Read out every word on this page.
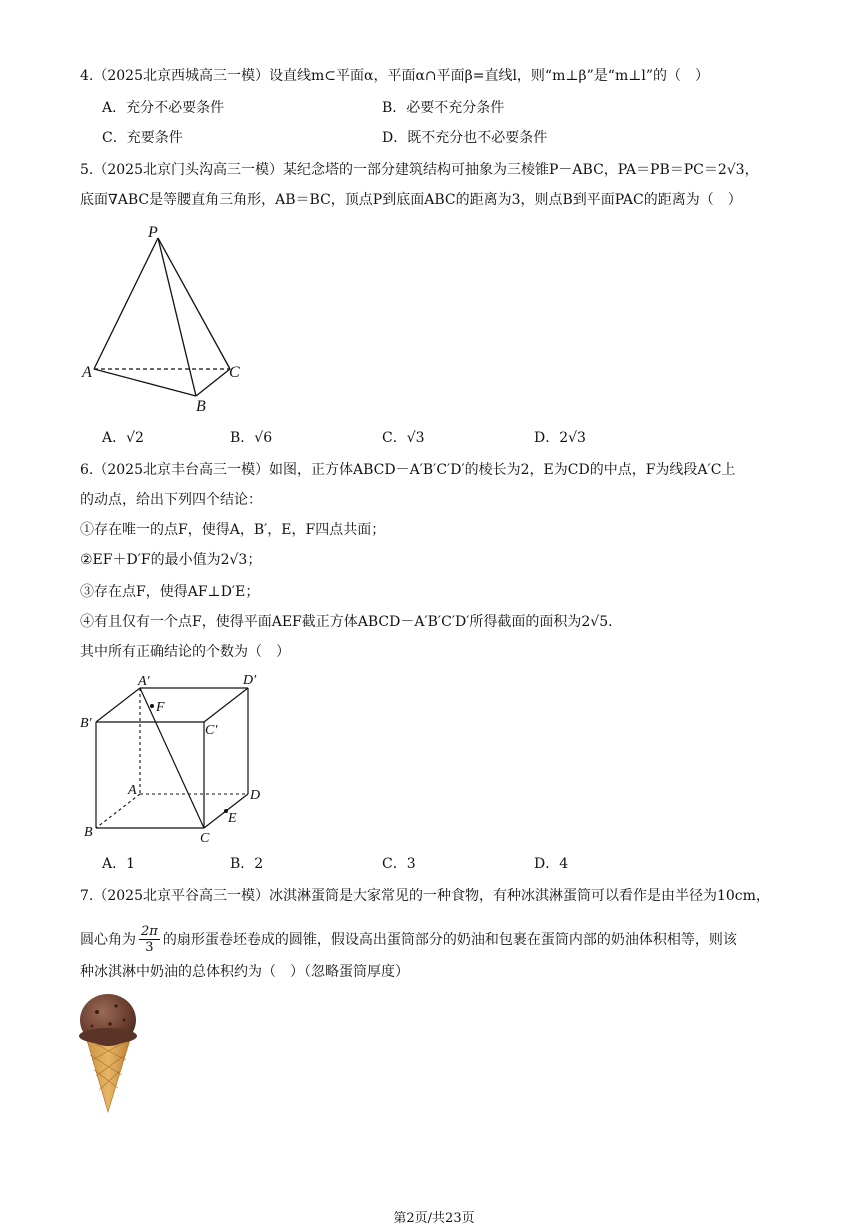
4.（2025北京西城高三一模）设直线m⊂平面α，平面α∩平面β=直线l，则“m⊥β”是“m⊥l”的（　）
A．充分不必要条件	B．必要不充分条件
C．充要条件	D．既不充分也不必要条件
5.（2025北京门头沟高三一模）某纪念塔的一部分建筑结构可抽象为三棱锥P－ABC，PA＝PB＝PC＝2√3，
底面∇ABC是等腰直角三角形，AB＝BC，顶点P到底面ABC的距离为3，则点B到平面PAC的距离为（　）
P
A
B
C
A′	D′
B′	C′
F
A	D
B	C
E
A．√2	B．√6	C．√3	D．2√3
6.（2025北京丰台高三一模）如图，正方体ABCD－A′B′C′D′的棱长为2，E为CD的中点，F为线段A′C上
的动点，给出下列四个结论：
①存在唯一的点F，使得A，B′，E，F四点共面；
②EF＋D′F的最小值为2√3；
③存在点F，使得AF⊥D′E；
④有且仅有一个点F，使得平面AEF截正方体ABCD－A′B′C′D′所得截面的面积为2√5．
其中所有正确结论的个数为（　）
A．1	B．2	C．3	D．4
7.（2025北京平谷高三一模）冰淇淋蛋筒是大家常见的一种食物，有种冰淇淋蛋筒可以看作是由半径为10cm，
圆心角为 $\frac{2\pi}{3}$ 的扇形蛋卷坯卷成的圆锥，假设高出蛋筒部分的奶油和包裹在蛋筒内部的奶油体积相等，则该
种冰淇淋中奶油的总体积约为（　）（忽略蛋筒厚度）
第2页/共23页
